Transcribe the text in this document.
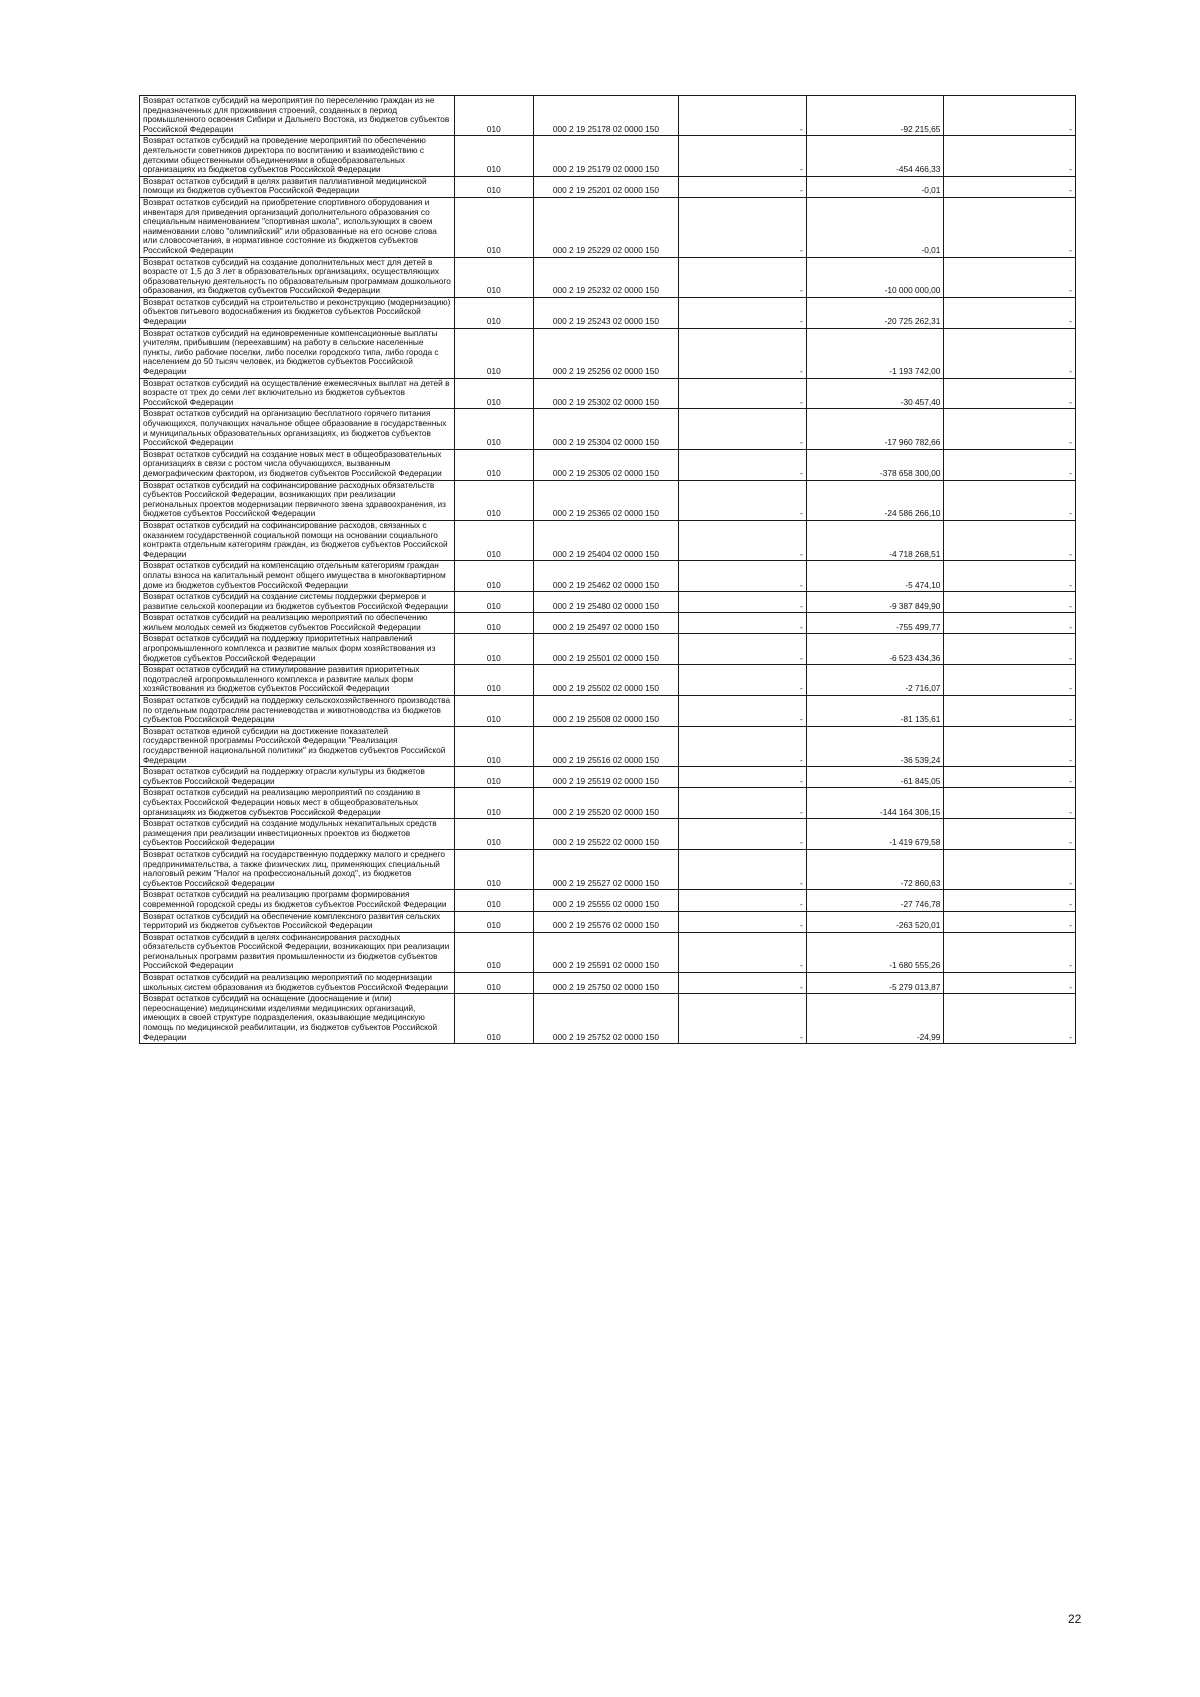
Возврат остатков субсидий на мероприятия по переселению граждан из не предназначенных для проживания строений, созданных в период промышленного освоения Сибири и Дальнего Востока, из бюджетов субъектов Российской Федерации	010	000 2 19 25178 02 0000 150	-	-92 215,65	-
Возврат остатков субсидий на проведение мероприятий по обеспечению деятельности советников директора по воспитанию и взаимодействию с детскими общественными объединениями в общеобразовательных организациях из бюджетов субъектов Российской Федерации	010	000 2 19 25179 02 0000 150	-	-454 466,33	-
Возврат остатков субсидий в целях развития паллиативной медицинской помощи из бюджетов субъектов Российской Федерации	010	000 2 19 25201 02 0000 150	-	-0,01	-
Возврат остатков субсидий на приобретение спортивного оборудования и инвентаря для приведения организаций дополнительного образования со специальным наименованием "спортивная школа", использующих в своем наименовании слово "олимпийский" или образованные на его основе слова или словосочетания, в нормативное состояние из бюджетов субъектов Российской Федерации	010	000 2 19 25229 02 0000 150	-	-0,01	-
Возврат остатков субсидий на создание дополнительных мест для детей в возрасте от 1,5 до 3 лет в образовательных организациях, осуществляющих образовательную деятельность по образовательным программам дошкольного образования, из бюджетов субъектов Российской Федерации	010	000 2 19 25232 02 0000 150	-	-10 000 000,00	-
Возврат остатков субсидий на строительство и реконструкцию (модернизацию) объектов питьевого водоснабжения из бюджетов субъектов Российской Федерации	010	000 2 19 25243 02 0000 150	-	-20 725 262,31	-
Возврат остатков субсидий на единовременные компенсационные выплаты учителям, прибывшим (переехавшим) на работу в сельские населенные пункты, либо рабочие поселки, либо поселки городского типа, либо города с населением до 50 тысяч человек, из бюджетов субъектов Российской Федерации	010	000 2 19 25256 02 0000 150	-	-1 193 742,00	-
Возврат остатков субсидий на осуществление ежемесячных выплат на детей в возрасте от трех до семи лет включительно из бюджетов субъектов Российской Федерации	010	000 2 19 25302 02 0000 150	-	-30 457,40	-
Возврат остатков субсидий на организацию бесплатного горячего питания обучающихся, получающих начальное общее образование в государственных и муниципальных образовательных организациях, из бюджетов субъектов Российской Федерации	010	000 2 19 25304 02 0000 150	-	-17 960 782,66	-
Возврат остатков субсидий на создание новых мест в общеобразовательных организациях в связи с ростом числа обучающихся, вызванным демографическим фактором, из бюджетов субъектов Российской Федерации	010	000 2 19 25305 02 0000 150	-	-378 658 300,00	-
Возврат остатков субсидий на софинансирование расходных обязательств субъектов Российской Федерации, возникающих при реализации региональных проектов модернизации первичного звена здравоохранения, из бюджетов субъектов Российской Федерации	010	000 2 19 25365 02 0000 150	-	-24 586 266,10	-
Возврат остатков субсидий на софинансирование расходов, связанных с оказанием государственной социальной помощи на основании социального контракта отдельным категориям граждан, из бюджетов субъектов Российской Федерации	010	000 2 19 25404 02 0000 150	-	-4 718 268,51	-
Возврат остатков субсидий на компенсацию отдельным категориям граждан оплаты взноса на капитальный ремонт общего имущества в многоквартирном доме из бюджетов субъектов Российской Федерации	010	000 2 19 25462 02 0000 150	-	-5 474,10	-
Возврат остатков субсидий на создание системы поддержки фермеров и развитие сельской кооперации из бюджетов субъектов Российской Федерации	010	000 2 19 25480 02 0000 150	-	-9 387 849,90	-
Возврат остатков субсидий на реализацию мероприятий по обеспечению жильем молодых семей из бюджетов субъектов Российской Федерации	010	000 2 19 25497 02 0000 150	-	-755 499,77	-
Возврат остатков субсидий на поддержку приоритетных направлений агропромышленного комплекса и развитие малых форм хозяйствования из бюджетов субъектов Российской Федерации	010	000 2 19 25501 02 0000 150	-	-6 523 434,36	-
Возврат остатков субсидий на стимулирование развития приоритетных подотраслей агропромышленного комплекса и развитие малых форм хозяйствования из бюджетов субъектов Российской Федерации	010	000 2 19 25502 02 0000 150	-	-2 716,07	-
Возврат остатков субсидий на поддержку сельскохозяйственного производства по отдельным подотраслям растениеводства и животноводства из бюджетов субъектов Российской Федерации	010	000 2 19 25508 02 0000 150	-	-81 135,61	-
Возврат остатков единой субсидии на достижение показателей государственной программы Российской Федерации "Реализация государственной национальной политики" из бюджетов субъектов Российской Федерации	010	000 2 19 25516 02 0000 150	-	-36 539,24	-
Возврат остатков субсидий на поддержку отрасли культуры из бюджетов субъектов Российской Федерации	010	000 2 19 25519 02 0000 150	-	-61 845,05	-
Возврат остатков субсидий на реализацию мероприятий по созданию в субъектах Российской Федерации новых мест в общеобразовательных организациях из бюджетов субъектов Российской Федерации	010	000 2 19 25520 02 0000 150	-	-144 164 306,15	-
Возврат остатков субсидий на создание модульных некапитальных средств размещения при реализации инвестиционных проектов из бюджетов субъектов Российской Федерации	010	000 2 19 25522 02 0000 150	-	-1 419 679,58	-
Возврат остатков субсидий на государственную поддержку малого и среднего предпринимательства, а также физических лиц, применяющих специальный налоговый режим "Налог на профессиональный доход", из бюджетов субъектов Российской Федерации	010	000 2 19 25527 02 0000 150	-	-72 860,63	-
Возврат остатков субсидий на реализацию программ формирования современной городской среды из бюджетов субъектов Российской Федерации	010	000 2 19 25555 02 0000 150	-	-27 746,78	-
Возврат остатков субсидий на обеспечение комплексного развития сельских территорий из бюджетов субъектов Российской Федерации	010	000 2 19 25576 02 0000 150	-	-263 520,01	-
Возврат остатков субсидий в целях софинансирования расходных обязательств субъектов Российской Федерации, возникающих при реализации региональных программ развития промышленности из бюджетов субъектов Российской Федерации	010	000 2 19 25591 02 0000 150	-	-1 680 555,26	-
Возврат остатков субсидий на реализацию мероприятий по модернизации школьных систем образования из бюджетов субъектов Российской Федерации	010	000 2 19 25750 02 0000 150	-	-5 279 013,87	-
Возврат остатков субсидий на оснащение (дооснащение и (или) переоснащение) медицинскими изделиями медицинских организаций, имеющих в своей структуре подразделения, оказывающие медицинскую помощь по медицинской реабилитации, из бюджетов субъектов Российской Федерации	010	000 2 19 25752 02 0000 150	-	-24,99	-
22
